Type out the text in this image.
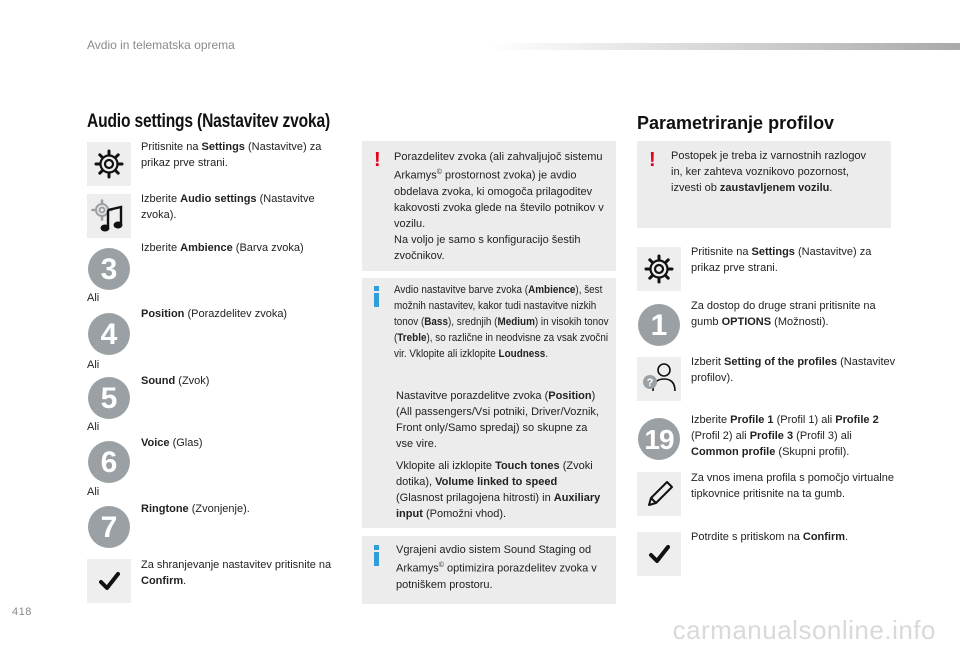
Avdio in telematska oprema
Audio settings (Nastavitev zvoka)
Pritisnite na Settings (Nastavitve) za prikaz prve strani.
Izberite Audio settings (Nastavitve zvoka).
3
Izberite Ambience (Barva zvoka)
Ali
4
Position (Porazdelitev zvoka)
Ali
5
Sound (Zvok)
Ali
6
Voice (Glas)
Ali
7
Ringtone (Zvonjenje).
Za shranjevanje nastavitev pritisnite na Confirm.
! Porazdelitev zvoka (ali zahvaljujoč sistemu Arkamys© prostornost zvoka) je avdio obdelava zvoka, ki omogoča prilagoditev kakovosti zvoka glede na število potnikov v vozilu.
Na voljo je samo s konfiguracijo šestih zvočnikov.
Avdio nastavitve barve zvoka (Ambience), šest možnih nastavitev, kakor tudi nastavitve nizkih tonov (Bass), srednjih (Medium) in visokih tonov (Treble), so različne in neodvisne za vsak zvočni vir. Vklopite ali izklopite Loudness.
Nastavitve porazdelitve zvoka (Position) (All passengers/Vsi potniki, Driver/Voznik, Front only/Samo spredaj) so skupne za vse vire.
Vklopite ali izklopite Touch tones (Zvoki dotika), Volume linked to speed (Glasnost prilagojena hitrosti) in Auxiliary input (Pomožni vhod).
Vgrajeni avdio sistem Sound Staging od Arkamys© optimizira porazdelitev zvoka v potniškem prostoru.
Parametriranje profilov
! Postopek je treba iz varnostnih razlogov in, ker zahteva voznikovo pozornost, izvesti ob zaustavljenem vozilu.
Pritisnite na Settings (Nastavitve) za prikaz prve strani.
1
Za dostop do druge strani pritisnite na gumb OPTIONS (Možnosti).
?
Izberit Setting of the profiles (Nastavitev profilov).
19
Izberite Profile 1 (Profil 1) ali Profile 2 (Profil 2) ali Profile 3 (Profil 3) ali Common profile (Skupni profil).
Za vnos imena profila s pomočjo virtualne tipkovnice pritisnite na ta gumb.
Potrdite s pritiskom na Confirm.
418
carmanualsonline.info
